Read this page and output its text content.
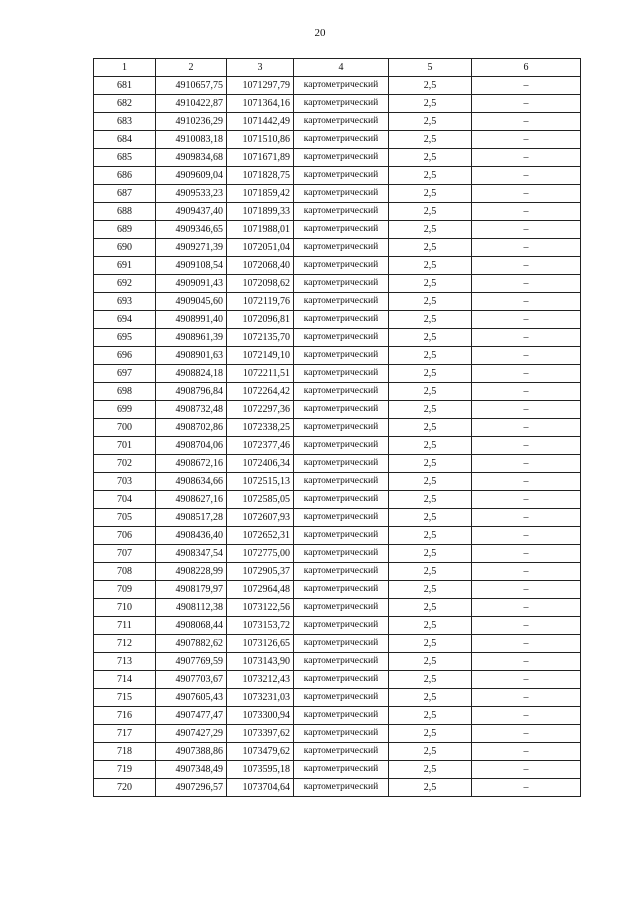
20
1	2	3	4	5	6
681	4910657,75	1071297,79	картометрический	2,5	–
682	4910422,87	1071364,16	картометрический	2,5	–
683	4910236,29	1071442,49	картометрический	2,5	–
684	4910083,18	1071510,86	картометрический	2,5	–
685	4909834,68	1071671,89	картометрический	2,5	–
686	4909609,04	1071828,75	картометрический	2,5	–
687	4909533,23	1071859,42	картометрический	2,5	–
688	4909437,40	1071899,33	картометрический	2,5	–
689	4909346,65	1071988,01	картометрический	2,5	–
690	4909271,39	1072051,04	картометрический	2,5	–
691	4909108,54	1072068,40	картометрический	2,5	–
692	4909091,43	1072098,62	картометрический	2,5	–
693	4909045,60	1072119,76	картометрический	2,5	–
694	4908991,40	1072096,81	картометрический	2,5	–
695	4908961,39	1072135,70	картометрический	2,5	–
696	4908901,63	1072149,10	картометрический	2,5	–
697	4908824,18	1072211,51	картометрический	2,5	–
698	4908796,84	1072264,42	картометрический	2,5	–
699	4908732,48	1072297,36	картометрический	2,5	–
700	4908702,86	1072338,25	картометрический	2,5	–
701	4908704,06	1072377,46	картометрический	2,5	–
702	4908672,16	1072406,34	картометрический	2,5	–
703	4908634,66	1072515,13	картометрический	2,5	–
704	4908627,16	1072585,05	картометрический	2,5	–
705	4908517,28	1072607,93	картометрический	2,5	–
706	4908436,40	1072652,31	картометрический	2,5	–
707	4908347,54	1072775,00	картометрический	2,5	–
708	4908228,99	1072905,37	картометрический	2,5	–
709	4908179,97	1072964,48	картометрический	2,5	–
710	4908112,38	1073122,56	картометрический	2,5	–
711	4908068,44	1073153,72	картометрический	2,5	–
712	4907882,62	1073126,65	картометрический	2,5	–
713	4907769,59	1073143,90	картометрический	2,5	–
714	4907703,67	1073212,43	картометрический	2,5	–
715	4907605,43	1073231,03	картометрический	2,5	–
716	4907477,47	1073300,94	картометрический	2,5	–
717	4907427,29	1073397,62	картометрический	2,5	–
718	4907388,86	1073479,62	картометрический	2,5	–
719	4907348,49	1073595,18	картометрический	2,5	–
720	4907296,57	1073704,64	картометрический	2,5	–
